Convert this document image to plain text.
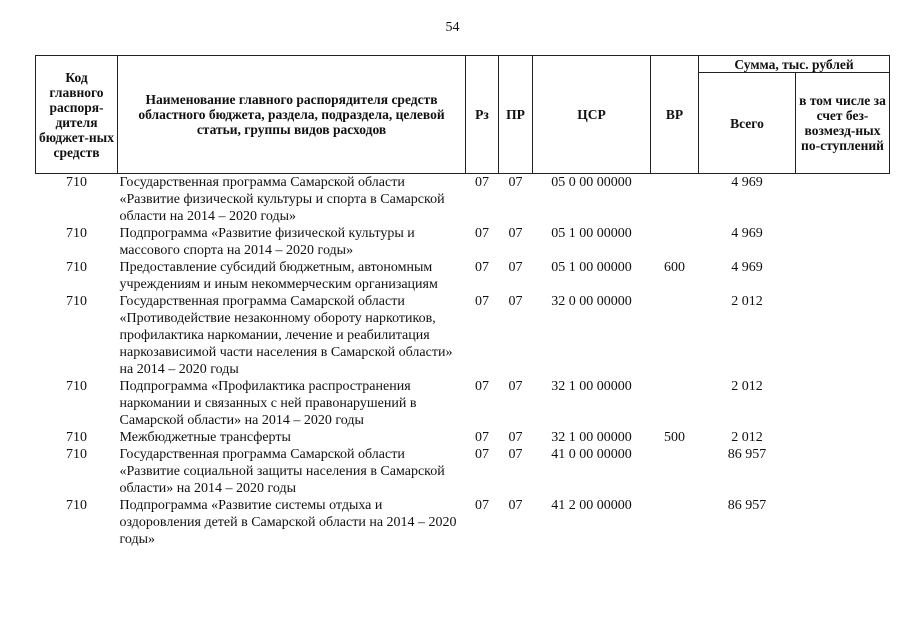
54
Код главного распоря-дителя бюджет-ных средств	Наименование главного распорядителя средств областного бюджета, раздела, подраздела, целевой статьи, группы видов расходов	Рз	ПР	ЦСР	ВР	Сумма, тыс. рублей	
						Всего	в том числе за счет без-возмезд-ных по-ступлений
710	Государственная программа Самарской области «Развитие физической культуры и спорта в Самарской области на 2014 – 2020 годы»	07	07	05 0 00 00000		4 969	
710	Подпрограмма «Развитие физической культуры и массового спорта на 2014 – 2020 годы»	07	07	05 1 00 00000		4 969	
710	Предоставление субсидий бюджетным, автономным учреждениям и иным некоммерческим организациям	07	07	05 1 00 00000	600	4 969	
710	Государственная программа Самарской области «Противодействие незаконному обороту наркотиков, профилактика наркомании, лечение и реабилитация наркозависимой части населения в Самарской области» на 2014 – 2020 годы	07	07	32 0 00 00000		2 012	
710	Подпрограмма «Профилактика распространения наркомании и связанных с ней правонарушений в Самарской области» на 2014 – 2020 годы	07	07	32 1 00 00000		2 012	
710	Межбюджетные трансферты	07	07	32 1 00 00000	500	2 012	
710	Государственная программа Самарской области «Развитие социальной защиты населения в Самарской области» на 2014 – 2020 годы	07	07	41 0 00 00000		86 957	
710	Подпрограмма «Развитие системы отдыха и оздоровления детей в Самарской области на 2014 – 2020 годы»	07	07	41 2 00 00000		86 957	
